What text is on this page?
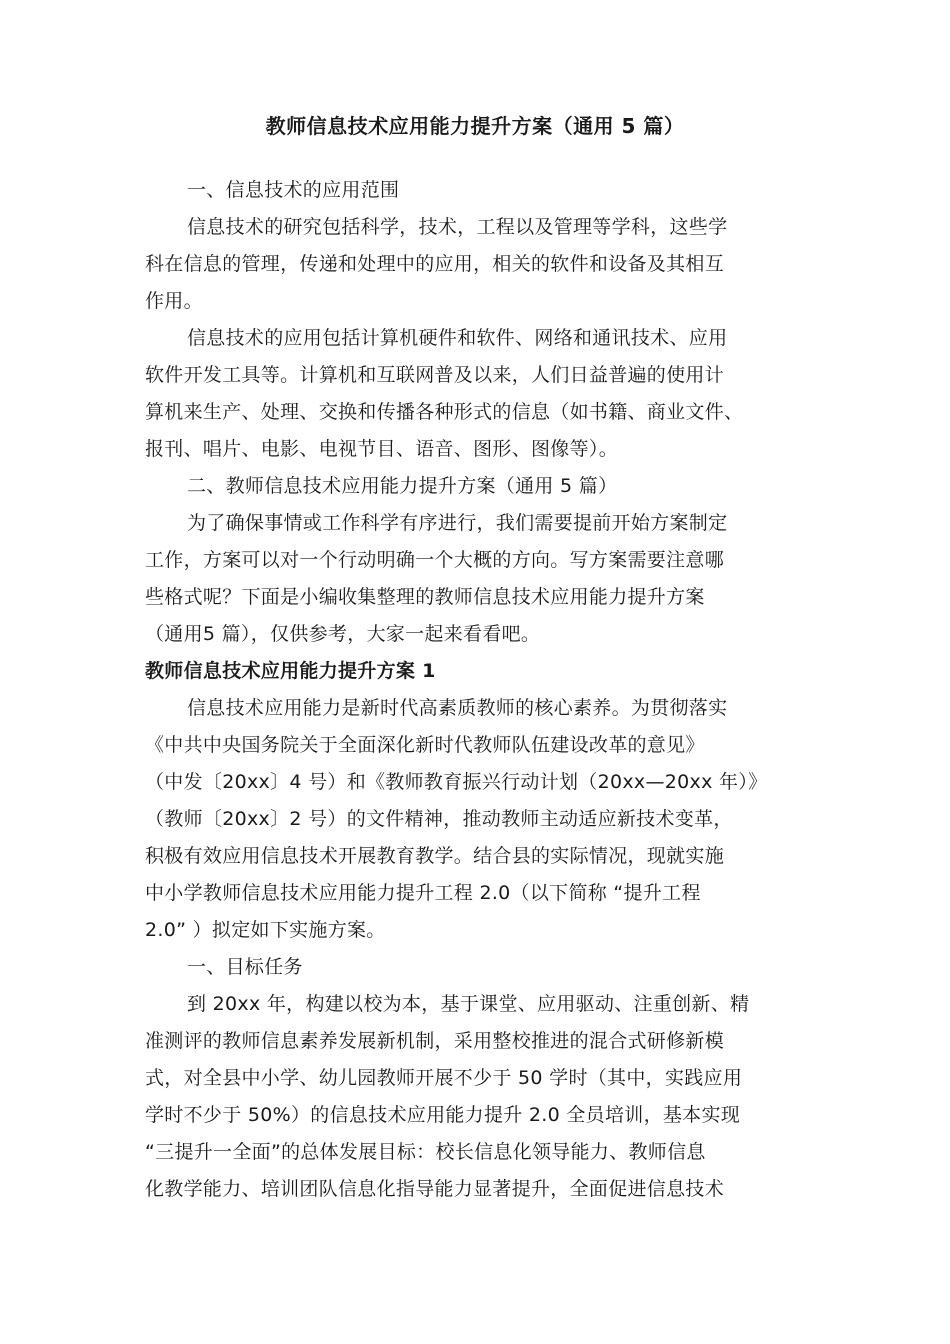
教师信息技术应用能力提升方案（通用 5 篇）
一、信息技术的应用范围
信息技术的研究包括科学，技术，工程以及管理等学科，这些学
科在信息的管理，传递和处理中的应用，相关的软件和设备及其相互
作用。
信息技术的应用包括计算机硬件和软件、网络和通讯技术、应用
软件开发工具等。计算机和互联网普及以来，人们日益普遍的使用计
算机来生产、处理、交换和传播各种形式的信息（如书籍、商业文件、
报刊、唱片、电影、电视节目、语音、图形、图像等）。
二、教师信息技术应用能力提升方案（通用 5 篇）
为了确保事情或工作科学有序进行，我们需要提前开始方案制定
工作，方案可以对一个行动明确一个大概的方向。写方案需要注意哪
些格式呢？下面是小编收集整理的教师信息技术应用能力提升方案
（通用5 篇），仅供参考，大家一起来看看吧。
教师信息技术应用能力提升方案 1
信息技术应用能力是新时代高素质教师的核心素养。为贯彻落实
《中共中央国务院关于全面深化新时代教师队伍建设改革的意见》
（中发〔20xx〕4 号）和《教师教育振兴行动计划（20xx—20xx 年）》
（教师〔20xx〕2 号）的文件精神，推动教师主动适应新技术变革，
积极有效应用信息技术开展教育教学。结合县的实际情况，现就实施
中小学教师信息技术应用能力提升工程 2.0（以下简称 “提升工程
2.0” ）拟定如下实施方案。
一、目标任务
到 20xx 年，构建以校为本，基于课堂、应用驱动、注重创新、精
准测评的教师信息素养发展新机制，采用整校推进的混合式研修新模
式，对全县中小学、幼儿园教师开展不少于 50 学时（其中，实践应用
学时不少于 50%）的信息技术应用能力提升 2.0 全员培训，基本实现
“三提升一全面”的总体发展目标：校长信息化领导能力、教师信息
化教学能力、培训团队信息化指导能力显著提升，全面促进信息技术
